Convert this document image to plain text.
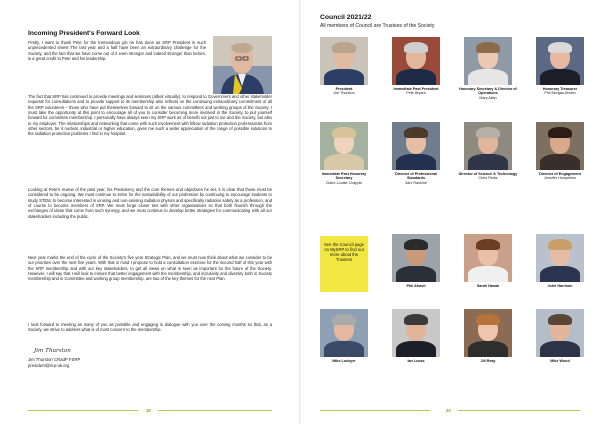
Incoming President's Forward Look

Firstly, I want to thank Pete for the tremendous job he has done as SRP President in such unprecedented times! The last year and a half have been an extraordinary challenge for the Society, and the fact that we have come out of it even stronger and indeed stronger than before, is a great credit to Pete and his leadership.

The fact that SRP has continued to provide meetings and seminars (albeit virtually), to respond to Government and other stakeholder requests for consultations and to provide support to its membership also reflects on the continuing extraordinary commitment of all the SRP volunteers – those who have put themselves forward to sit on the various committees and working groups of the Society. I must take the opportunity at this point to encourage all of you to consider becoming more involved in the Society, to put yourself forward for committee membership. I personally have always seen my SRP work as of benefit not just to me and the Society, but also to my employer. The relationships and networking that come with such involvement with fellow radiation protection professionals from other sectors, be it nuclear, industrial or higher education, gives me such a wider appreciation of the range of possible solutions to the radiation protection problems I find in my hospital.

Looking at Pete's review of the past year, his Presidency and the core themes and objectives he set, it is clear that those must be considered to be ongoing. We must continue to strive for the sustainability of our profession by continuing to encourage students to study STEM, to become interested in ionising and non-ionising radiation physics and specifically radiation safety as a profession, and of course to become members of SRP. We must forge closer ties with other organisations so that both flourish through the exchanges of ideas that come from such synergy, and we must continue to develop better strategies for communicating with all our stakeholders including the public.

Next year marks the end of the cycle of the Society's five year Strategic Plan, and we must now think about what we consider to be our priorities over the next five years. With that in mind I propose to hold a consultation exercise for the second half of this year with the SRP membership and with our key stakeholders, to get all views on what is seen as important for the future of the Society. However, I will say that I will look to ensure that better engagement with the membership, and inclusivity and diversity both in Society membership and in Committee and working group membership, are two of the key themes for the next Plan.

I look forward to meeting as many of you as possible and engaging in dialogue with you over the coming months so that, as a Society, we strive to address what is of most concern to the membership.

Jim Thurston
Jim Thurston CRadP FSRP
president@srp-uk.org
19
Council 2021/22
All members of Council are Trustees of the Society
President
Jim Thurston
Immediate Past President
Pete Bryant
Honorary Secretary & Director of Operations
Mary Allan
Honorary Treasurer
Phil Morgan-Brown
Immediate Past Honorary Secretary
Claire-Louise Chapple
Director of Professional Standards
Alex Rankine
Director of Science & Technology
Chris Parks
Director of Engagement
Jennifer Humphries
Phil Ahmet	Sarah Hanak	John Harrison
Mike Lockyer	Ian Lucas	Jill Reay	Mike Wood
See the Council page on MySRP to find out more about the Trustees
20
